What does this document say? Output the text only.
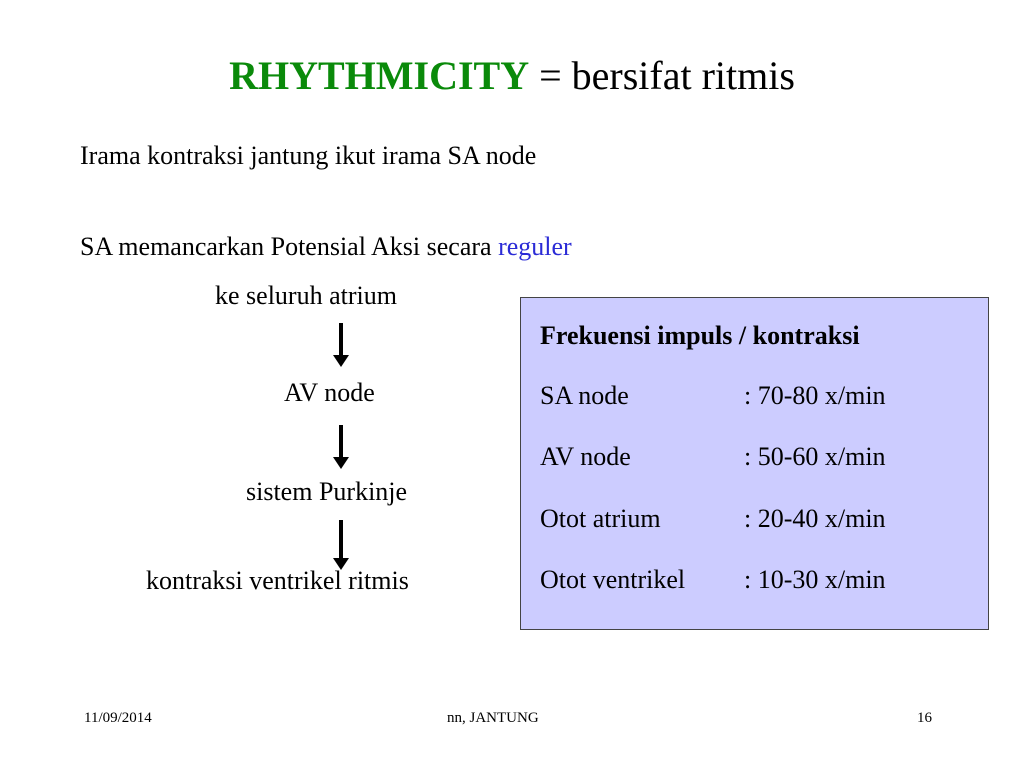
RHYTHMICITY = bersifat ritmis
Irama kontraksi jantung ikut irama SA node
SA memancarkan Potensial Aksi secara reguler
ke seluruh atrium
AV node
sistem Purkinje
kontraksi ventrikel ritmis
Frekuensi impuls / kontraksi
SA node	: 70-80 x/min
AV node	: 50-60 x/min
Otot atrium	: 20-40 x/min
Otot ventrikel : 10-30 x/min
11/09/2014	nn, JANTUNG	16
